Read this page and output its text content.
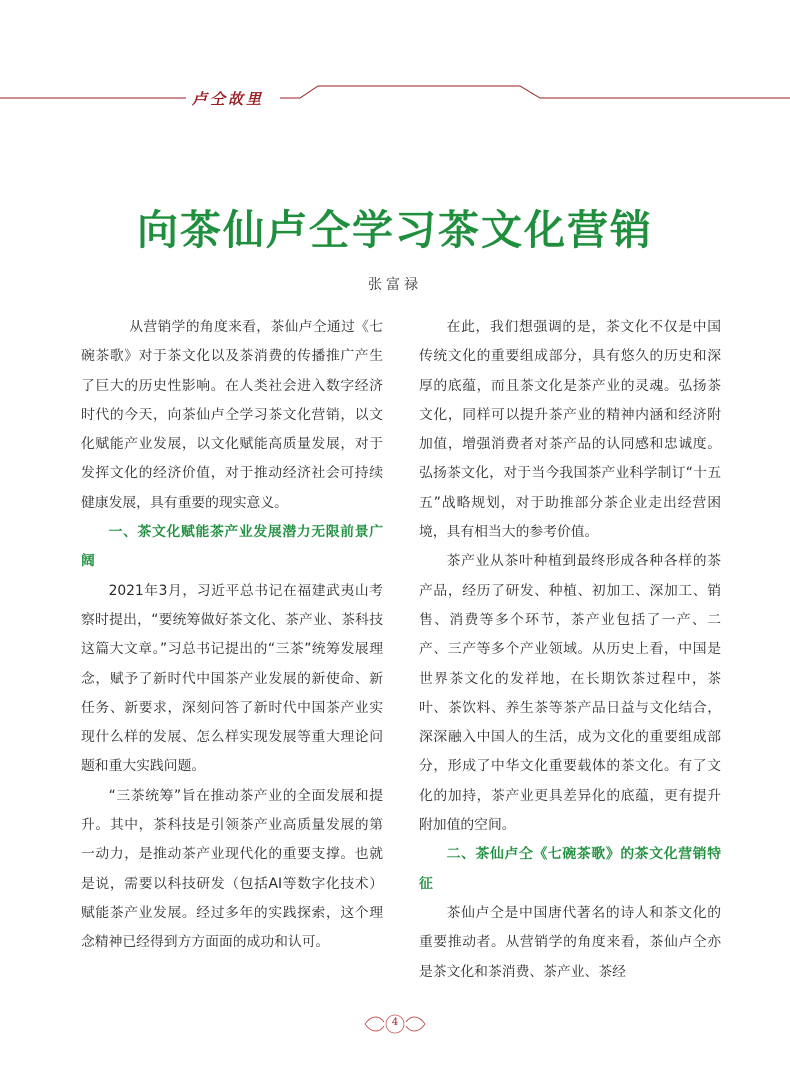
卢仝故里
向茶仙卢仝学习茶文化营销
张富禄

从营销学的角度来看，茶仙卢仝通过《七碗茶歌》对于茶文化以及茶消费的传播推广产生了巨大的历史性影响。在人类社会进入数字经济时代的今天，向茶仙卢仝学习茶文化营销，以文化赋能产业发展，以文化赋能高质量发展，对于发挥文化的经济价值，对于推动经济社会可持续健康发展，具有重要的现实意义。

一、茶文化赋能茶产业发展潜力无限前景广阔

2021年3月，习近平总书记在福建武夷山考察时提出，“要统筹做好茶文化、茶产业、茶科技这篇大文章。”习总书记提出的“三茶”统筹发展理念，赋予了新时代中国茶产业发展的新使命、新任务、新要求，深刻问答了新时代中国茶产业实现什么样的发展、怎么样实现发展等重大理论问题和重大实践问题。

“三茶统筹”旨在推动茶产业的全面发展和提升。其中，茶科技是引领茶产业高质量发展的第一动力，是推动茶产业现代化的重要支撑。也就是说，需要以科技研发（包括AI等数字化技术）赋能茶产业发展。经过多年的实践探索，这个理念精神已经得到方方面面的成功和认可。

在此，我们想强调的是，茶文化不仅是中国传统文化的重要组成部分，具有悠久的历史和深厚的底蕴，而且茶文化是茶产业的灵魂。弘扬茶文化，同样可以提升茶产业的精神内涵和经济附加值，增强消费者对茶产品的认同感和忠诚度。弘扬茶文化，对于当今我国茶产业科学制订“十五五”战略规划，对于助推部分茶企业走出经营困境，具有相当大的参考价值。

茶产业从茶叶种植到最终形成各种各样的茶产品，经历了研发、种植、初加工、深加工、销售、消费等多个环节，茶产业包括了一产、二产、三产等多个产业领域。从历史上看，中国是世界茶文化的发祥地，在长期饮茶过程中，茶叶、茶饮料、养生茶等茶产品日益与文化结合，深深融入中国人的生活，成为文化的重要组成部分，形成了中华文化重要载体的茶文化。有了文化的加持，茶产业更具差异化的底蕴，更有提升附加值的空间。

二、茶仙卢仝《七碗茶歌》的茶文化营销特征

茶仙卢仝是中国唐代著名的诗人和茶文化的重要推动者。从营销学的角度来看，茶仙卢仝亦是茶文化和茶消费、茶产业、茶经

4
